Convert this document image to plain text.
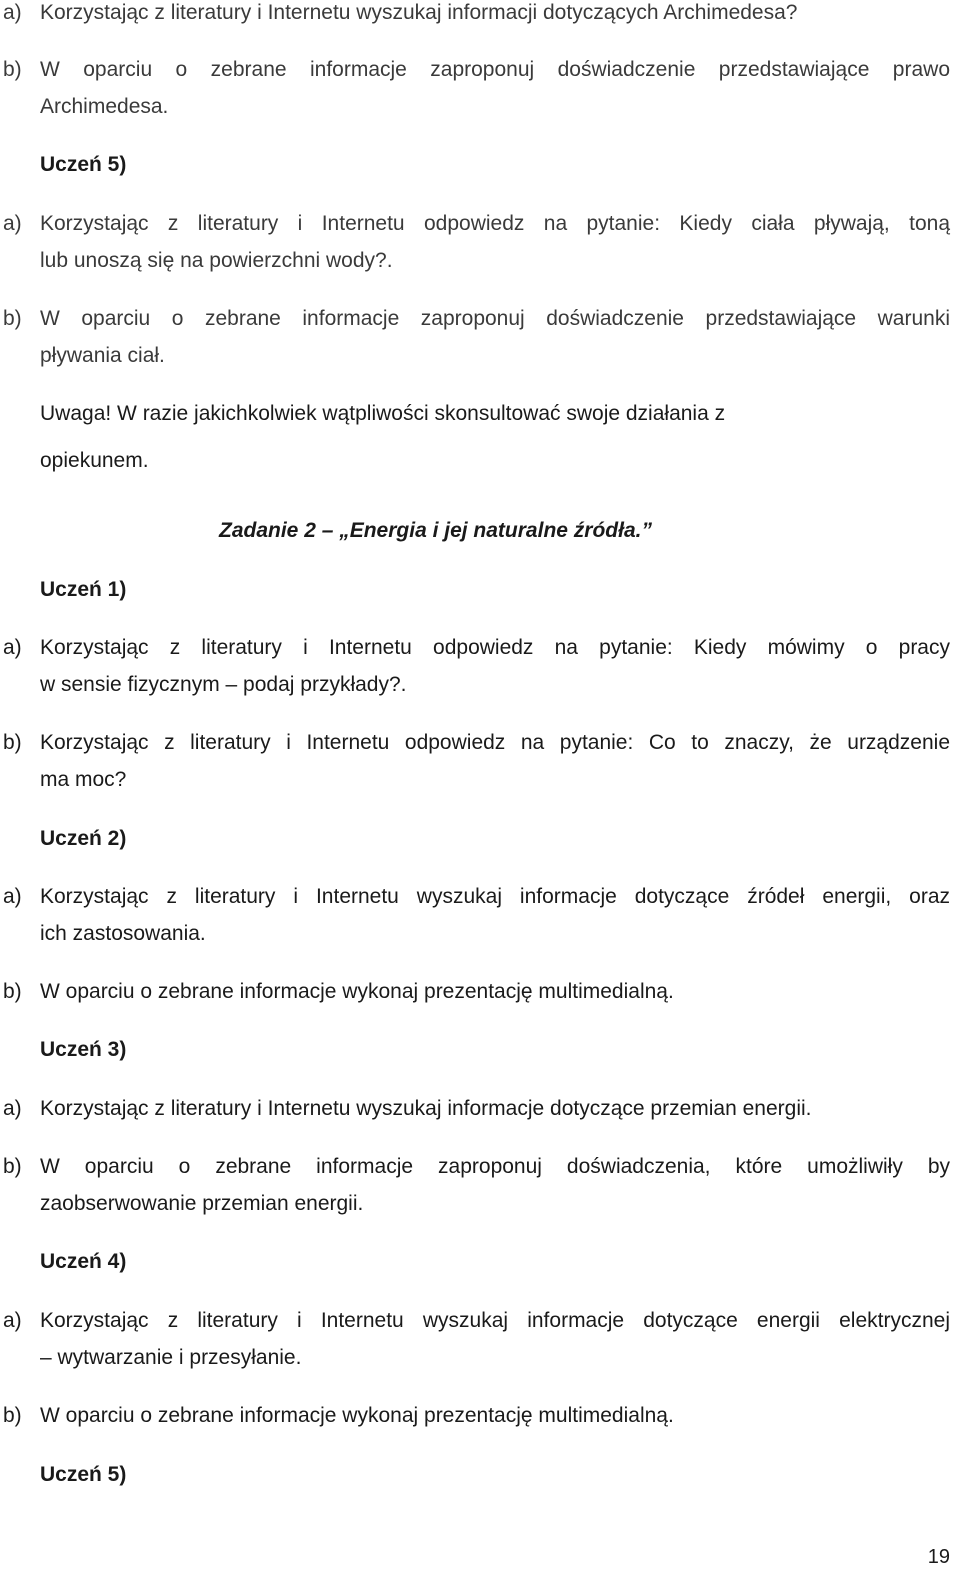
a) Korzystając z literatury i Internetu wyszukaj informacji dotyczących Archimedesa?
b) W oparciu o zebrane informacje zaproponuj doświadczenie przedstawiające prawo
Archimedesa.
Uczeń 5)
a) Korzystając z literatury i Internetu odpowiedz na pytanie: Kiedy ciała pływają, toną
lub unoszą się na powierzchni wody?.
b) W oparciu o zebrane informacje zaproponuj doświadczenie przedstawiające warunki
pływania ciał.
Uwaga! W razie jakichkolwiek wątpliwości skonsultować swoje działania z
opiekunem.
Zadanie 2 – „Energia i jej naturalne źródła.”
Uczeń 1)
a) Korzystając z literatury i Internetu odpowiedz na pytanie: Kiedy mówimy o pracy
w sensie fizycznym – podaj przykłady?.
b) Korzystając z literatury i Internetu odpowiedz na pytanie: Co to znaczy, że urządzenie
ma moc?
Uczeń 2)
a) Korzystając z literatury i Internetu wyszukaj informacje dotyczące źródeł energii, oraz
ich zastosowania.
b) W oparciu o zebrane informacje wykonaj prezentację multimedialną.
Uczeń 3)
a) Korzystając z literatury i Internetu wyszukaj informacje dotyczące przemian energii.
b) W oparciu o zebrane informacje zaproponuj doświadczenia, które umożliwiły by
zaobserwowanie przemian energii.
Uczeń 4)
a) Korzystając z literatury i Internetu wyszukaj informacje dotyczące energii elektrycznej
– wytwarzanie i przesyłanie.
b) W oparciu o zebrane informacje wykonaj prezentację multimedialną.
Uczeń 5)
19
